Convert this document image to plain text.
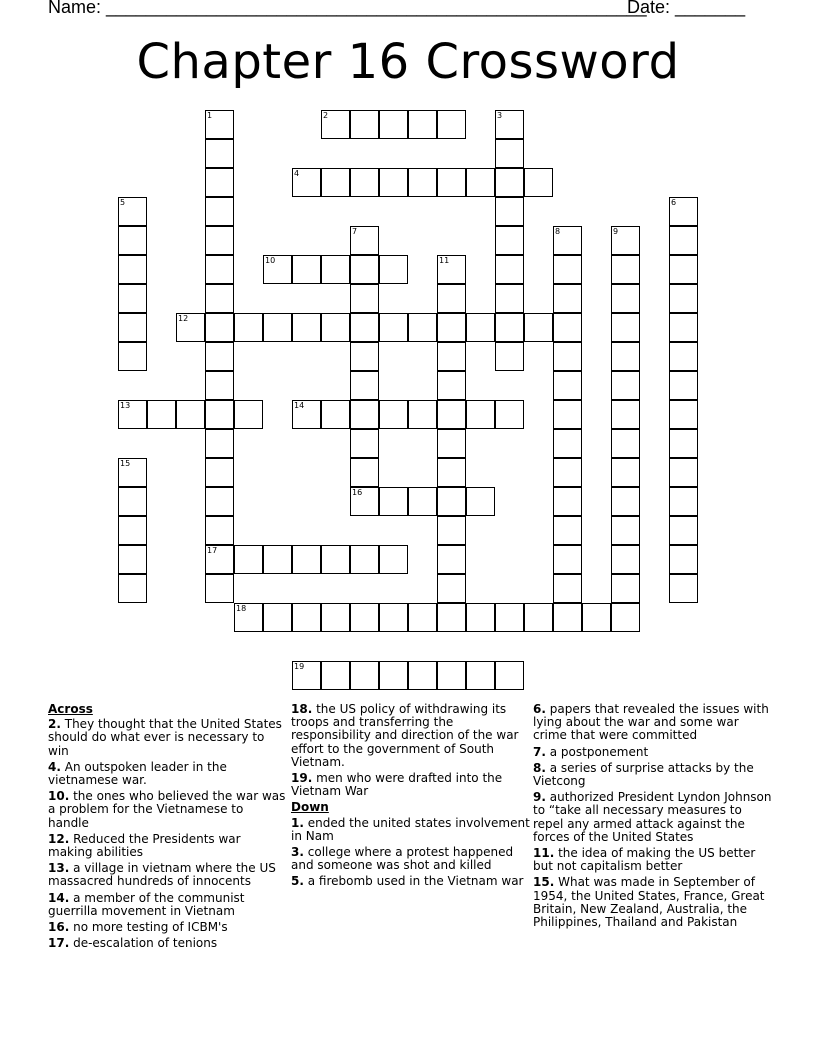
Name: ______________________________________________________
Date: _______
Chapter 16 Crossword
1
17
2	3
4
5	6
7
16
8	9
10	11
12
13	14
15
18
19

Across

2. They thought that the United States should do what ever is necessary to win

4. An outspoken leader in the vietnamese war.

10. the ones who believed the war was a problem for the Vietnamese to handle

12. Reduced the Presidents war making abilities

13. a village in vietnam where the US massacred hundreds of innocents

14. a member of the communist guerrilla movement in Vietnam

16. no more testing of ICBM's

17. de-escalation of tenions

18. the US policy of withdrawing its troops and transferring the responsibility and direction of the war effort to the government of South Vietnam.

19. men who were drafted into the Vietnam War

Down

1. ended the united states involvement in Nam

3. college where a protest happened and someone was shot and killed

5. a firebomb used in the Vietnam war

6. papers that revealed the issues with lying about the war and some war crime that were committed

7. a postponement

8. a series of surprise attacks by the Vietcong

9. authorized President Lyndon Johnson to “take all necessary measures to repel any armed attack against the forces of the United States

11. the idea of making the US better but not capitalism better

15. What was made in September of 1954, the United States, France, Great Britain, New Zealand, Australia, the Philippines, Thailand and Pakistan
